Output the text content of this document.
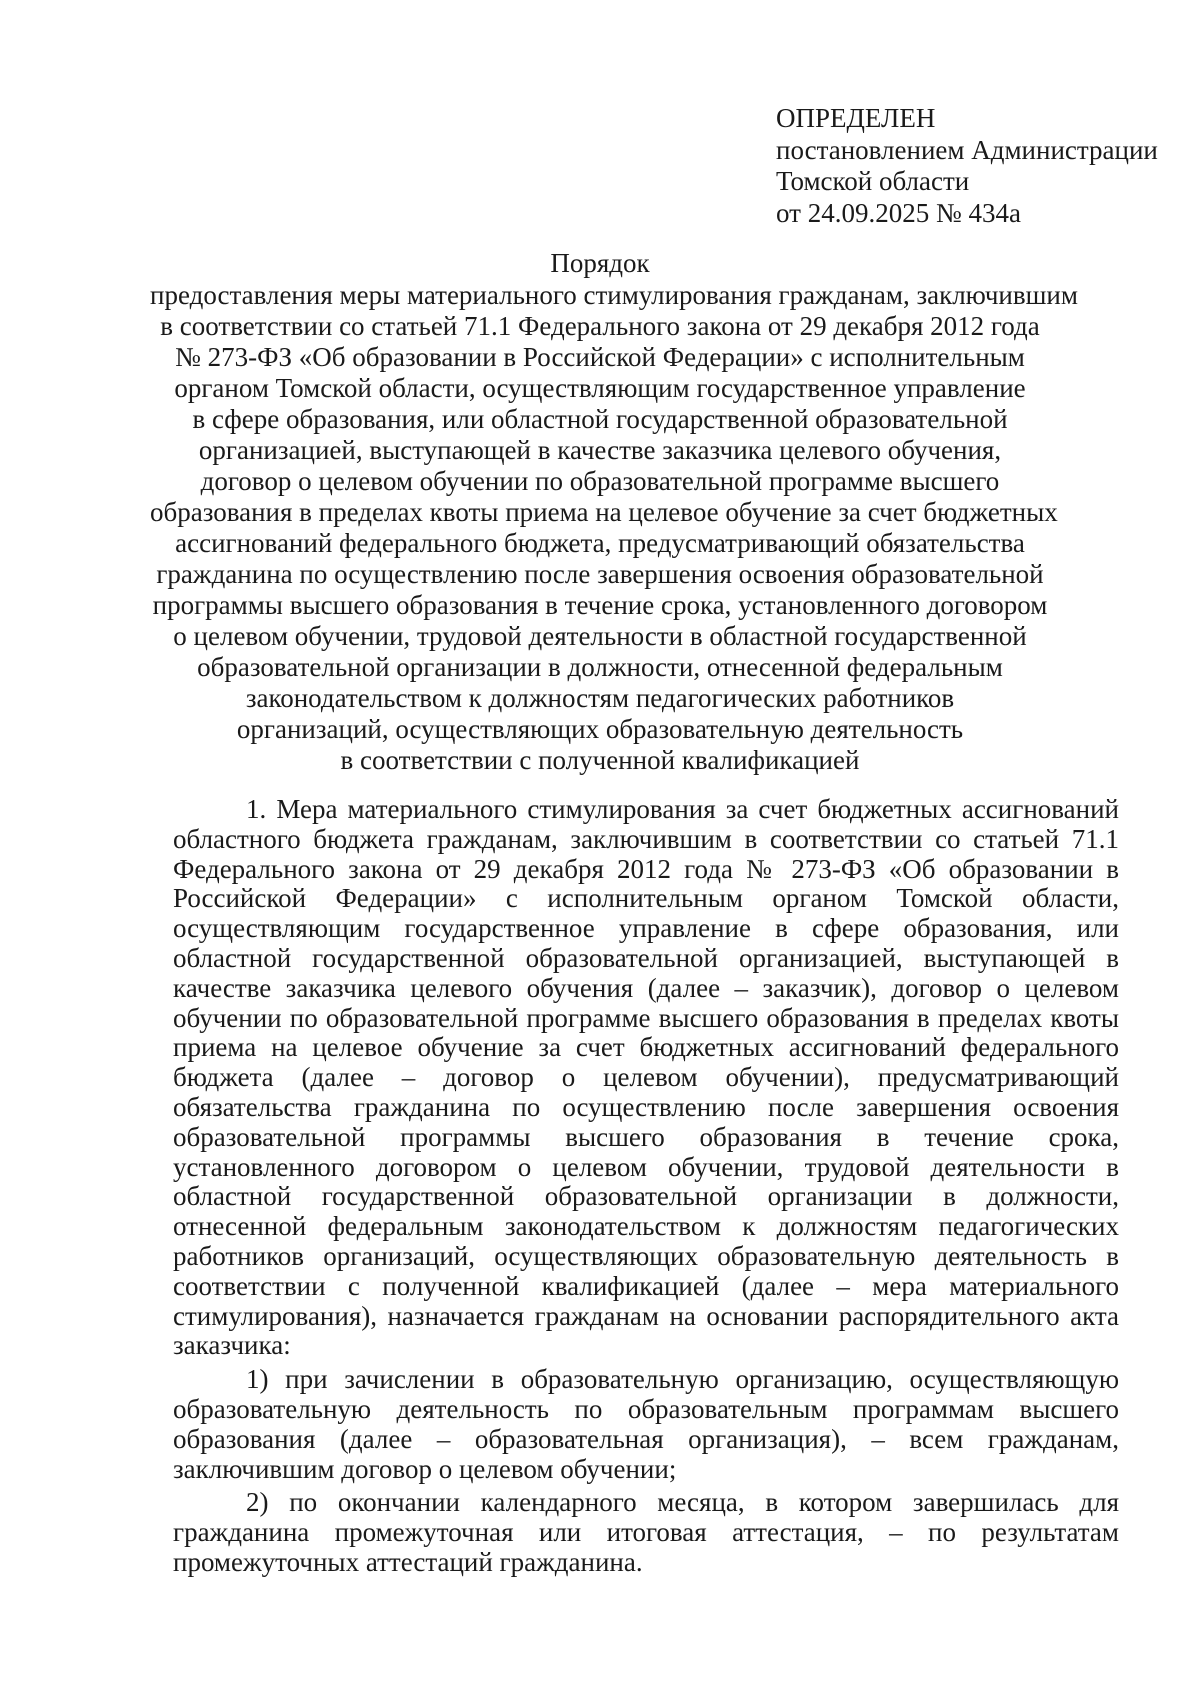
ОПРЕДЕЛЕН
постановлением Администрации
Томской области
от 24.09.2025 № 434а
Порядок
предоставления меры материального стимулирования гражданам, заключившим
в соответствии со статьей 71.1 Федерального закона от 29 декабря 2012 года
№ 273-ФЗ «Об образовании в Российской Федерации» с исполнительным
органом Томской области, осуществляющим государственное управление
в сфере образования, или областной государственной образовательной
организацией, выступающей в качестве заказчика целевого обучения,
договор о целевом обучении по образовательной программе высшего
образования в пределах квоты приема на целевое обучение за счет бюджетных
ассигнований федерального бюджета, предусматривающий обязательства
гражданина по осуществлению после завершения освоения образовательной
программы высшего образования в течение срока, установленного договором
о целевом обучении, трудовой деятельности в областной государственной
образовательной организации в должности, отнесенной федеральным
законодательством к должностям педагогических работников
организаций, осуществляющих образовательную деятельность
в соответствии с полученной квалификацией

1. Мера материального стимулирования за счет бюджетных ассигнований областного бюджета гражданам, заключившим в соответствии со статьей 71.1 Федерального закона от 29 декабря 2012 года № 273-ФЗ «Об образовании в Российской Федерации» с исполнительным органом Томской области, осуществляющим государственное управление в сфере образования, или областной государственной образовательной организацией, выступающей в качестве заказчика целевого обучения (далее – заказчик), договор о целевом обучении по образовательной программе высшего образования в пределах квоты приема на целевое обучение за счет бюджетных ассигнований федерального бюджета (далее – договор о целевом обучении), предусматривающий обязательства гражданина по осуществлению после завершения освоения образовательной программы высшего образования в течение срока, установленного договором о целевом обучении, трудовой деятельности в областной государственной образовательной организации в должности, отнесенной федеральным законодательством к должностям педагогических работников организаций, осуществляющих образовательную деятельность в соответствии с полученной квалификацией (далее – мера материального стимулирования), назначается гражданам на основании распорядительного акта заказчика:

1) при зачислении в образовательную организацию, осуществляющую образовательную деятельность по образовательным программам высшего образования (далее – образовательная организация), – всем гражданам, заключившим договор о целевом обучении;

2) по окончании календарного месяца, в котором завершилась для гражданина промежуточная или итоговая аттестация, – по результатам промежуточных аттестаций гражданина.
